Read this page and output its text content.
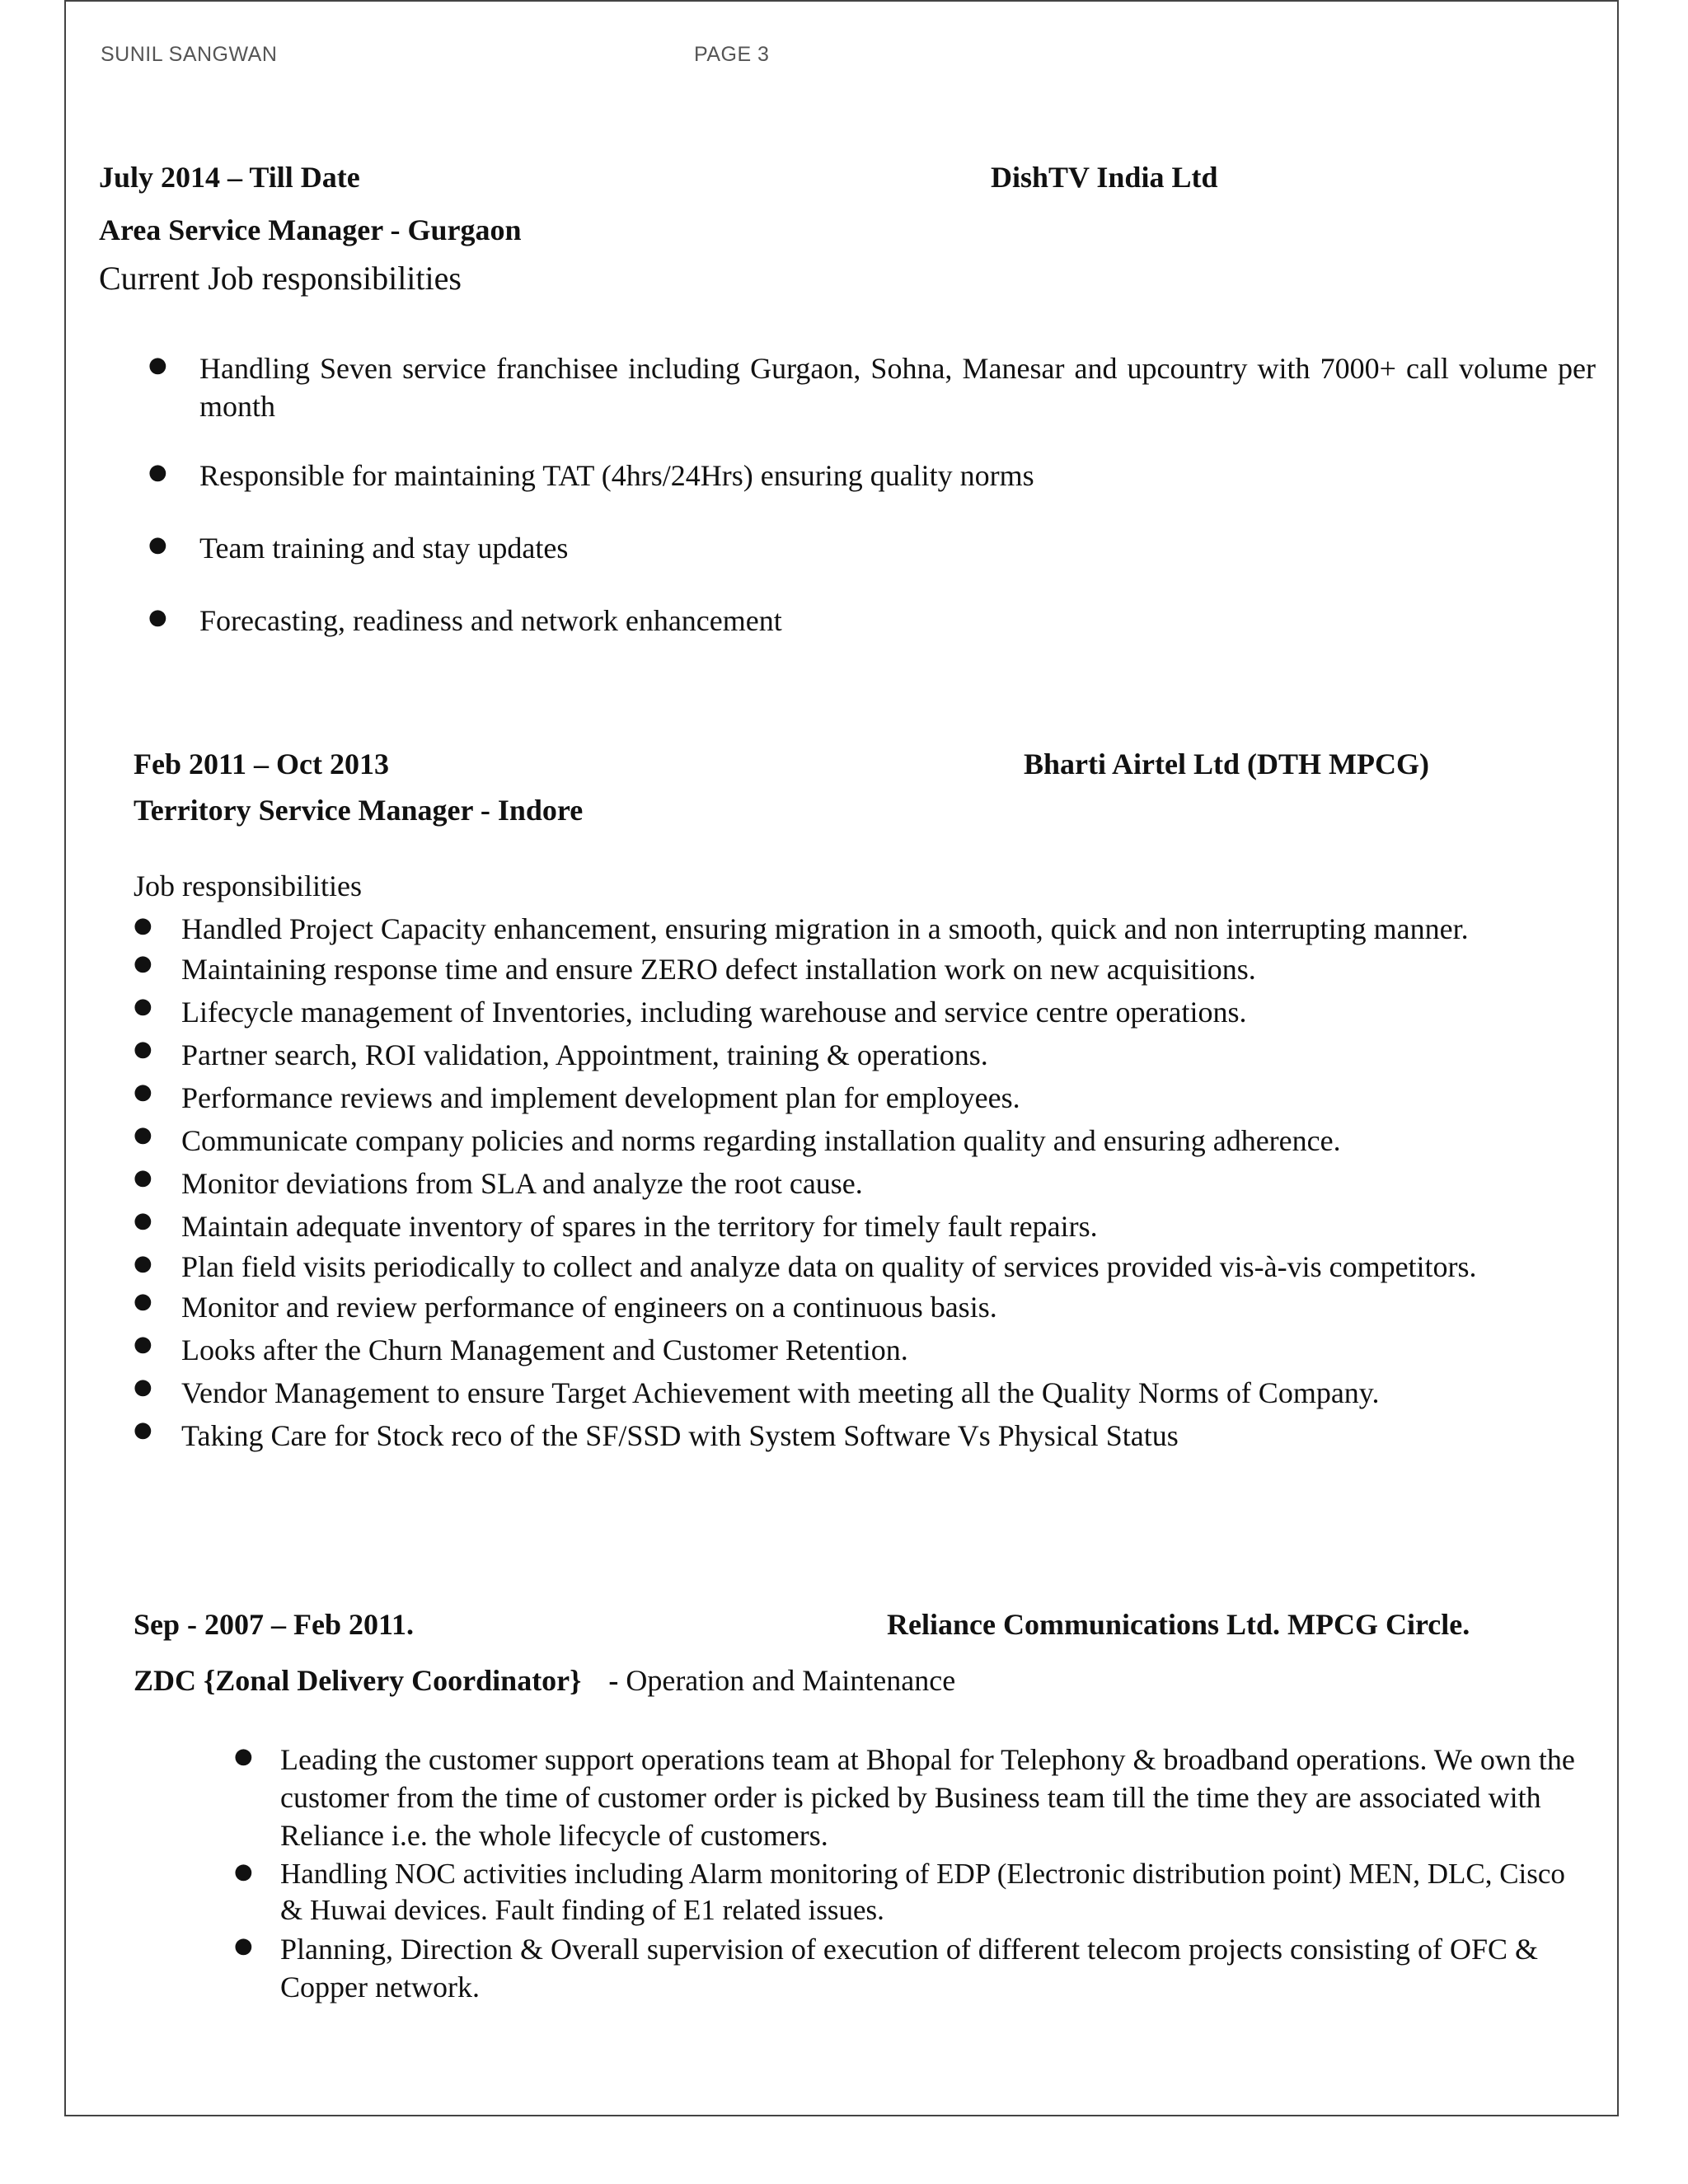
SUNIL SANGWAN	PAGE 3
July 2014 – Till Date	DishTV India Ltd
Area Service Manager - Gurgaon
Current Job responsibilities
● Handling Seven service franchisee including Gurgaon, Sohna, Manesar and upcountry with 7000+ call volume per month
● Responsible for maintaining TAT (4hrs/24Hrs) ensuring quality norms
● Team training and stay updates
● Forecasting, readiness and network enhancement
Feb 2011 – Oct 2013	Bharti Airtel Ltd (DTH MPCG)
Territory Service Manager - Indore
Job responsibilities
● Handled Project Capacity enhancement, ensuring migration in a smooth, quick and non interrupting manner.
● Maintaining response time and ensure ZERO defect installation work on new acquisitions.
● Lifecycle management of Inventories, including warehouse and service centre operations.
● Partner search, ROI validation, Appointment, training & operations.
● Performance reviews and implement development plan for employees.
● Communicate company policies and norms regarding installation quality and ensuring adherence.
● Monitor deviations from SLA and analyze the root cause.
● Maintain adequate inventory of spares in the territory for timely fault repairs.
● Plan field visits periodically to collect and analyze data on quality of services provided vis-à-vis competitors.
● Monitor and review performance of engineers on a continuous basis.
● Looks after the Churn Management and Customer Retention.
● Vendor Management to ensure Target Achievement with meeting all the Quality Norms of Company.
● Taking Care for Stock reco of the SF/SSD with System Software Vs Physical Status
Sep - 2007 – Feb 2011.	Reliance Communications Ltd. MPCG Circle.
ZDC {Zonal Delivery Coordinator} - Operation and Maintenance
● Leading the customer support operations team at Bhopal for Telephony & broadband operations. We own the customer from the time of customer order is picked by Business team till the time they are associated with Reliance i.e. the whole lifecycle of customers.
● Handling NOC activities including Alarm monitoring of EDP (Electronic distribution point) MEN, DLC, Cisco & Huwai devices. Fault finding of E1 related issues.
● Planning, Direction & Overall supervision of execution of different telecom projects consisting of OFC & Copper network.
